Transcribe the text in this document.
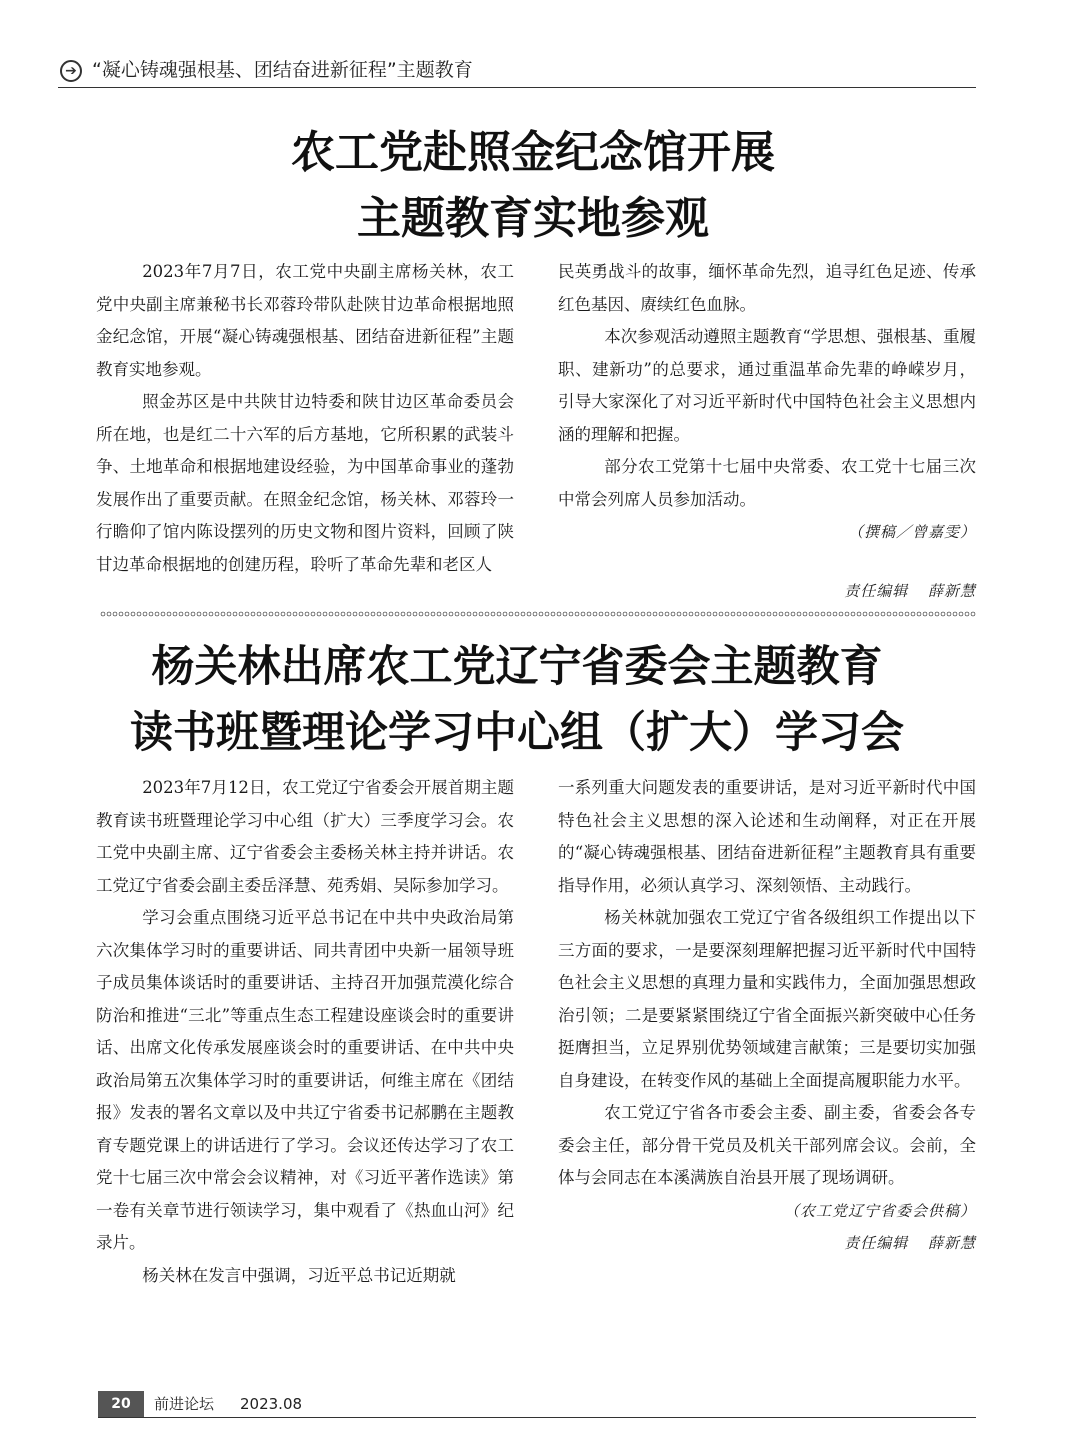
➔ “凝心铸魂强根基、团结奋进新征程”主题教育
农工党赴照金纪念馆开展
主题教育实地参观

2023年7月7日，农工党中央副主席杨关林，农工党中央副主席兼秘书长邓蓉玲带队赴陕甘边革命根据地照金纪念馆，开展“凝心铸魂强根基、团结奋进新征程”主题教育实地参观。

照金苏区是中共陕甘边特委和陕甘边区革命委员会所在地，也是红二十六军的后方基地，它所积累的武装斗争、土地革命和根据地建设经验，为中国革命事业的蓬勃发展作出了重要贡献。在照金纪念馆，杨关林、邓蓉玲一行瞻仰了馆内陈设摆列的历史文物和图片资料，回顾了陕甘边革命根据地的创建历程，聆听了革命先辈和老区人

民英勇战斗的故事，缅怀革命先烈，追寻红色足迹、传承红色基因、赓续红色血脉。

本次参观活动遵照主题教育“学思想、强根基、重履职、建新功”的总要求，通过重温革命先辈的峥嵘岁月，引导大家深化了对习近平新时代中国特色社会主义思想内涵的理解和把握。

部分农工党第十七届中央常委、农工党十七届三次中常会列席人员参加活动。

（撰稿／曾嘉雯）

责任编辑 薛新慧

杨关林出席农工党辽宁省委会主题教育
读书班暨理论学习中心组（扩大）学习会

2023年7月12日，农工党辽宁省委会开展首期主题教育读书班暨理论学习中心组（扩大）三季度学习会。农工党中央副主席、辽宁省委会主委杨关林主持并讲话。农工党辽宁省委会副主委岳泽慧、苑秀娟、吴际参加学习。

学习会重点围绕习近平总书记在中共中央政治局第六次集体学习时的重要讲话、同共青团中央新一届领导班子成员集体谈话时的重要讲话、主持召开加强荒漠化综合防治和推进“三北”等重点生态工程建设座谈会时的重要讲话、出席文化传承发展座谈会时的重要讲话、在中共中央政治局第五次集体学习时的重要讲话，何维主席在《团结报》发表的署名文章以及中共辽宁省委书记郝鹏在主题教育专题党课上的讲话进行了学习。会议还传达学习了农工党十七届三次中常会会议精神，对《习近平著作选读》第一卷有关章节进行领读学习，集中观看了《热血山河》纪录片。

杨关林在发言中强调，习近平总书记近期就

一系列重大问题发表的重要讲话，是对习近平新时代中国特色社会主义思想的深入论述和生动阐释，对正在开展的“凝心铸魂强根基、团结奋进新征程”主题教育具有重要指导作用，必须认真学习、深刻领悟、主动践行。

杨关林就加强农工党辽宁省各级组织工作提出以下三方面的要求，一是要深刻理解把握习近平新时代中国特色社会主义思想的真理力量和实践伟力，全面加强思想政治引领；二是要紧紧围绕辽宁省全面振兴新突破中心任务挺膺担当，立足界别优势领域建言献策；三是要切实加强自身建设，在转变作风的基础上全面提高履职能力水平。

农工党辽宁省各市委会主委、副主委，省委会各专委会主任，部分骨干党员及机关干部列席会议。会前，全体与会同志在本溪满族自治县开展了现场调研。

（农工党辽宁省委会供稿）

责任编辑 薛新慧

20	前进论坛 2023.08
